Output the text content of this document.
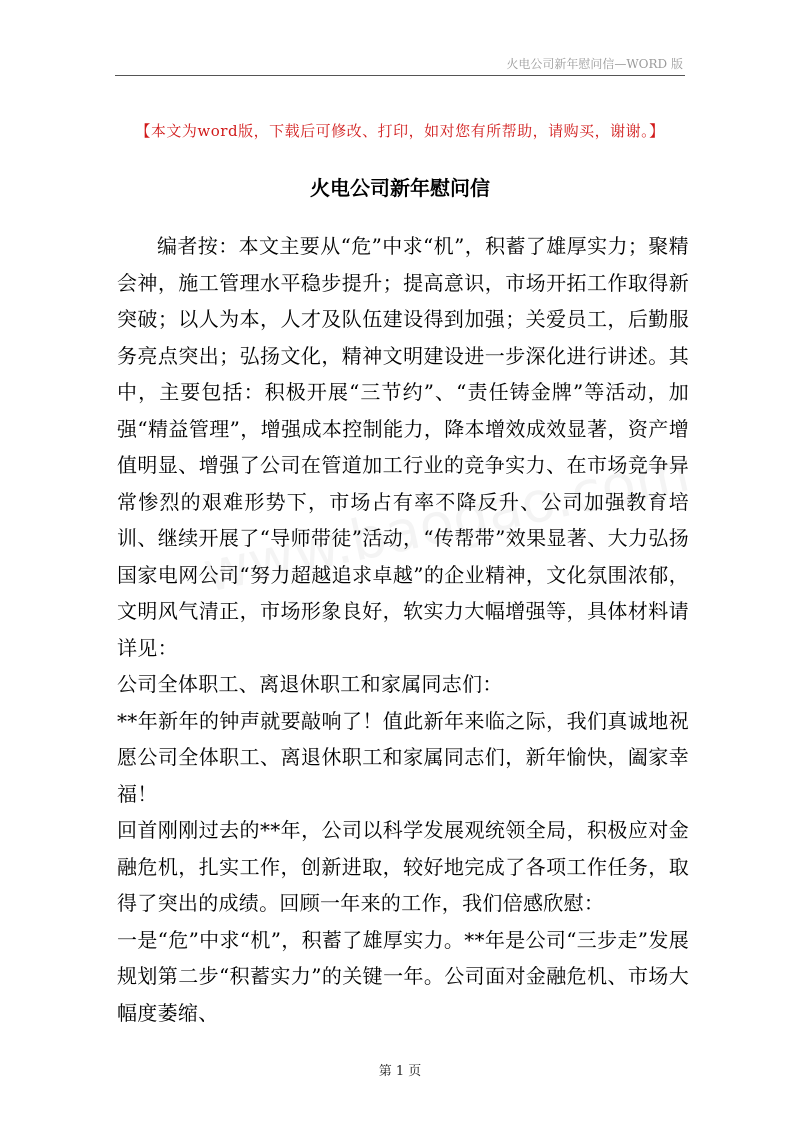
火电公司新年慰问信—WORD 版
【本文为word版，下载后可修改、打印，如对您有所帮助，请购买，谢谢。】
火电公司新年慰问信

编者按：本文主要从“危”中求“机”，积蓄了雄厚实力；聚精会神，施工管理水平稳步提升；提高意识，市场开拓工作取得新突破；以人为本，人才及队伍建设得到加强；关爱员工，后勤服务亮点突出；弘扬文化，精神文明建设进一步深化进行讲述。其中，主要包括：积极开展“三节约”、“责任铸金牌”等活动，加强“精益管理”，增强成本控制能力，降本增效成效显著，资产增值明显、增强了公司在管道加工行业的竞争实力、在市场竞争异常惨烈的艰难形势下，市场占有率不降反升、公司加强教育培训、继续开展了“导师带徒”活动，“传帮带”效果显著、大力弘扬国家电网公司“努力超越追求卓越”的企业精神，文化氛围浓郁，文明风气清正，市场形象良好，软实力大幅增强等，具体材料请详见：

公司全体职工、离退休职工和家属同志们：

**年新年的钟声就要敲响了！值此新年来临之际，我们真诚地祝愿公司全体职工、离退休职工和家属同志们，新年愉快，阖家幸福！

回首刚刚过去的**年，公司以科学发展观统领全局，积极应对金融危机，扎实工作，创新进取，较好地完成了各项工作任务，取得了突出的成绩。回顾一年来的工作，我们倍感欣慰：

一是“危”中求“机”，积蓄了雄厚实力。**年是公司“三步走”发展规划第二步“积蓄实力”的关键一年。公司面对金融危机、市场大幅度萎缩、

第 1 页
